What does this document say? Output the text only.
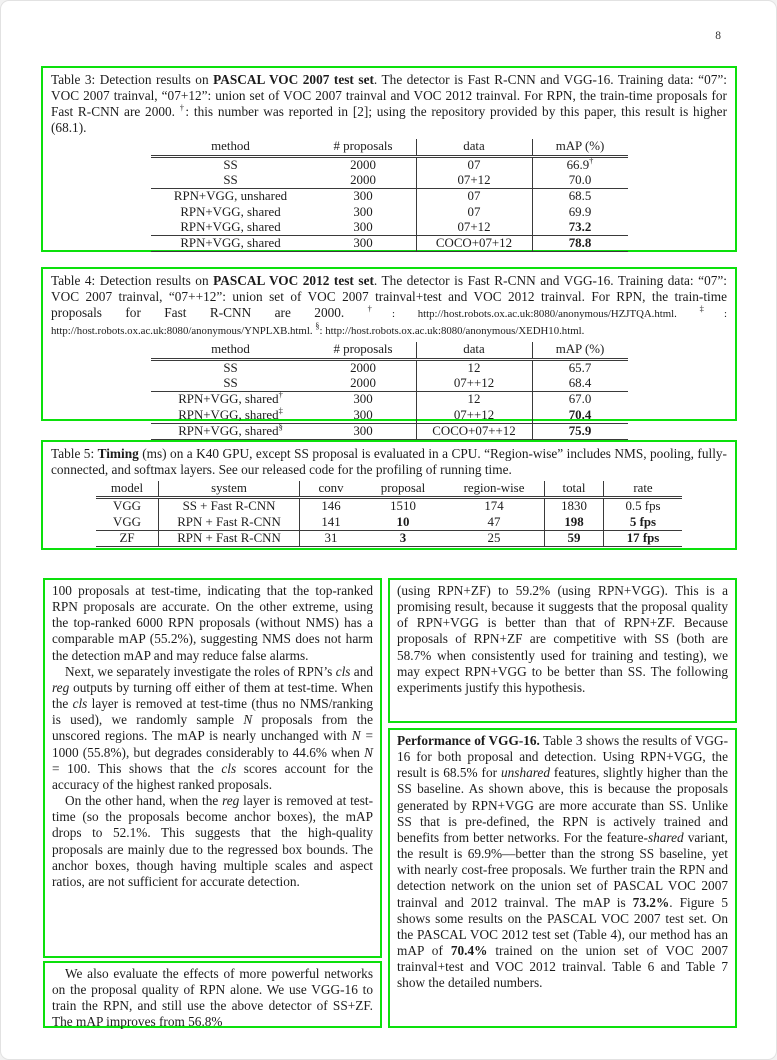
8
Table 3: Detection results on PASCAL VOC 2007 test set. The detector is Fast R-CNN and VGG-16. Training data: “07”: VOC 2007 trainval, “07+12”: union set of VOC 2007 trainval and VOC 2012 trainval. For RPN, the train-time proposals for Fast R-CNN are 2000. †: this number was reported in [2]; using the repository provided by this paper, this result is higher (68.1).
method	# proposals	data	mAP (%)
SS	2000	07	66.9†
SS	2000	07+12	70.0
RPN+VGG, unshared	300	07	68.5
RPN+VGG, shared	300	07	69.9
RPN+VGG, shared	300	07+12	73.2
RPN+VGG, shared	300	COCO+07+12	78.8
Table 4: Detection results on PASCAL VOC 2012 test set. The detector is Fast R-CNN and VGG-16. Training data: “07”: VOC 2007 trainval, “07++12”: union set of VOC 2007 trainval+test and VOC 2012 trainval. For RPN, the train-time proposals for Fast R-CNN are 2000. †: http://host.robots.ox.ac.uk:8080/anonymous/HZJTQA.html. ‡: http://host.robots.ox.ac.uk:8080/anonymous/YNPLXB.html. §: http://host.robots.ox.ac.uk:8080/anonymous/XEDH10.html.
method	# proposals	data	mAP (%)
SS	2000	12	65.7
SS	2000	07++12	68.4
RPN+VGG, shared†	300	12	67.0
RPN+VGG, shared‡	300	07++12	70.4
RPN+VGG, shared§	300	COCO+07++12	75.9
Table 5: Timing (ms) on a K40 GPU, except SS proposal is evaluated in a CPU. “Region-wise” includes NMS, pooling, fully-connected, and softmax layers. See our released code for the profiling of running time.
model	system	conv	proposal	region-wise	total	rate
VGG	SS + Fast R-CNN	146	1510	174	1830	0.5 fps
VGG	RPN + Fast R-CNN	141	10	47	198	5 fps
ZF	RPN + Fast R-CNN	31	3	25	59	17 fps

100 proposals at test-time, indicating that the top-ranked RPN proposals are accurate. On the other extreme, using the top-ranked 6000 RPN proposals (without NMS) has a comparable mAP (55.2%), suggesting NMS does not harm the detection mAP and may reduce false alarms.

Next, we separately investigate the roles of RPN’s cls and reg outputs by turning off either of them at test-time. When the cls layer is removed at test-time (thus no NMS/ranking is used), we randomly sample N proposals from the unscored regions. The mAP is nearly unchanged with N = 1000 (55.8%), but degrades considerably to 44.6% when N = 100. This shows that the cls scores account for the accuracy of the highest ranked proposals.

On the other hand, when the reg layer is removed at test-time (so the proposals become anchor boxes), the mAP drops to 52.1%. This suggests that the high-quality proposals are mainly due to the regressed box bounds. The anchor boxes, though having multiple scales and aspect ratios, are not sufficient for accurate detection.

We also evaluate the effects of more powerful networks on the proposal quality of RPN alone. We use VGG-16 to train the RPN, and still use the above detector of SS+ZF. The mAP improves from 56.8%

(using RPN+ZF) to 59.2% (using RPN+VGG). This is a promising result, because it suggests that the proposal quality of RPN+VGG is better than that of RPN+ZF. Because proposals of RPN+ZF are competitive with SS (both are 58.7% when consistently used for training and testing), we may expect RPN+VGG to be better than SS. The following experiments justify this hypothesis.

Performance of VGG-16. Table 3 shows the results of VGG-16 for both proposal and detection. Using RPN+VGG, the result is 68.5% for unshared features, slightly higher than the SS baseline. As shown above, this is because the proposals generated by RPN+VGG are more accurate than SS. Unlike SS that is pre-defined, the RPN is actively trained and benefits from better networks. For the feature-shared variant, the result is 69.9%—better than the strong SS baseline, yet with nearly cost-free proposals. We further train the RPN and detection network on the union set of PASCAL VOC 2007 trainval and 2012 trainval. The mAP is 73.2%. Figure 5 shows some results on the PASCAL VOC 2007 test set. On the PASCAL VOC 2012 test set (Table 4), our method has an mAP of 70.4% trained on the union set of VOC 2007 trainval+test and VOC 2012 trainval. Table 6 and Table 7 show the detailed numbers.
